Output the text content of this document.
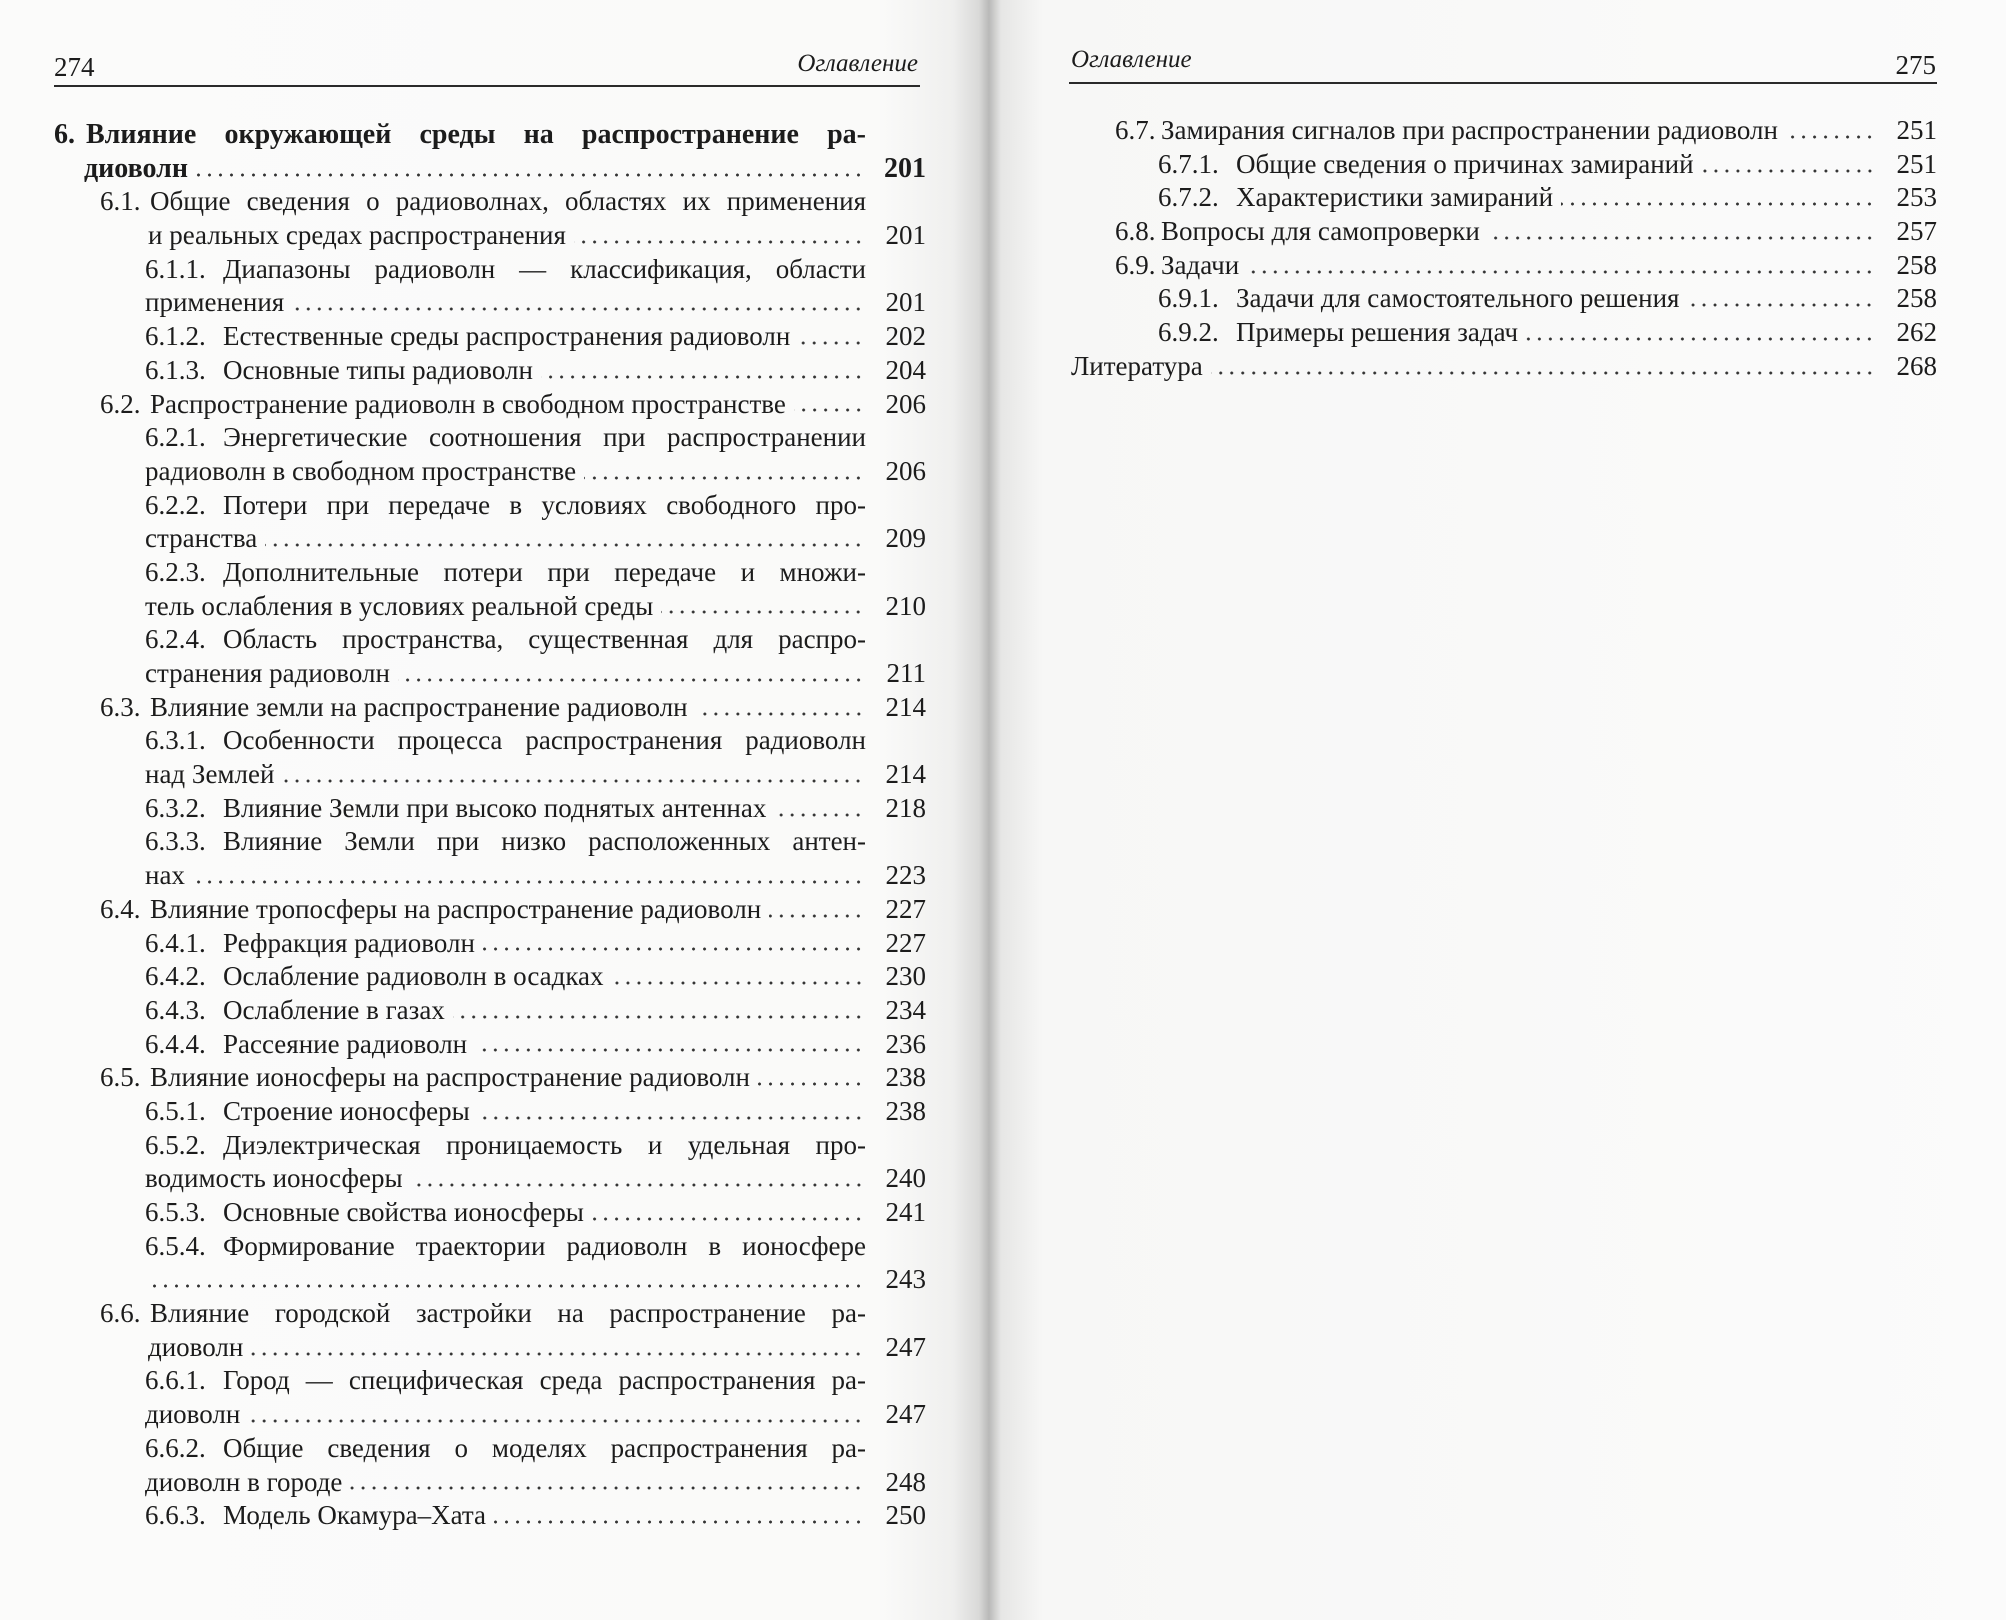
274	Оглавление
6. Влияние окружающей среды на распространение ра-
диоволн	201
6.1. Общие сведения о радиоволнах, областях их применения
и реальных средах распространения	201
6.1.1. Диапазоны радиоволн — классификация, области
применения	201
6.1.2. Естественные среды распространения радиоволн	202
6.1.3. Основные типы радиоволн	204
6.2. Распространение радиоволн в свободном пространстве	206
6.2.1. Энергетические соотношения при распространении
радиоволн в свободном пространстве	206
6.2.2. Потери при передаче в условиях свободного про-
странства	209
6.2.3. Дополнительные потери при передаче и множи-
тель ослабления в условиях реальной среды	210
6.2.4. Область пространства, существенная для распро-
странения радиоволн	211
6.3. Влияние земли на распространение радиоволн	214
6.3.1. Особенности процесса распространения радиоволн
над Землей	214
6.3.2. Влияние Земли при высоко поднятых антеннах	218
6.3.3. Влияние Земли при низко расположенных антен-
нах	223
6.4. Влияние тропосферы на распространение радиоволн	227
6.4.1. Рефракция радиоволн	227
6.4.2. Ослабление радиоволн в осадках	230
6.4.3. Ослабление в газах	234
6.4.4. Рассеяние радиоволн	236
6.5. Влияние ионосферы на распространение радиоволн	238
6.5.1. Строение ионосферы	238
6.5.2. Диэлектрическая проницаемость и удельная про-
водимость ионосферы	240
6.5.3. Основные свойства ионосферы	241
6.5.4. Формирование траектории радиоволн в ионосфере
243
6.6. Влияние городской застройки на распространение ра-
диоволн	247
6.6.1. Город — специфическая среда распространения ра-
диоволн	247
6.6.2. Общие сведения о моделях распространения ра-
диоволн в городе	248
6.6.3. Модель Окамура–Хата	250
Оглавление	275
6.7. Замирания сигналов при распространении радиоволн	251
6.7.1. Общие сведения о причинах замираний	251
6.7.2. Характеристики замираний	253
6.8. Вопросы для самопроверки	257
6.9. Задачи	258
6.9.1. Задачи для самостоятельного решения	258
6.9.2. Примеры решения задач	262
Литература	268
